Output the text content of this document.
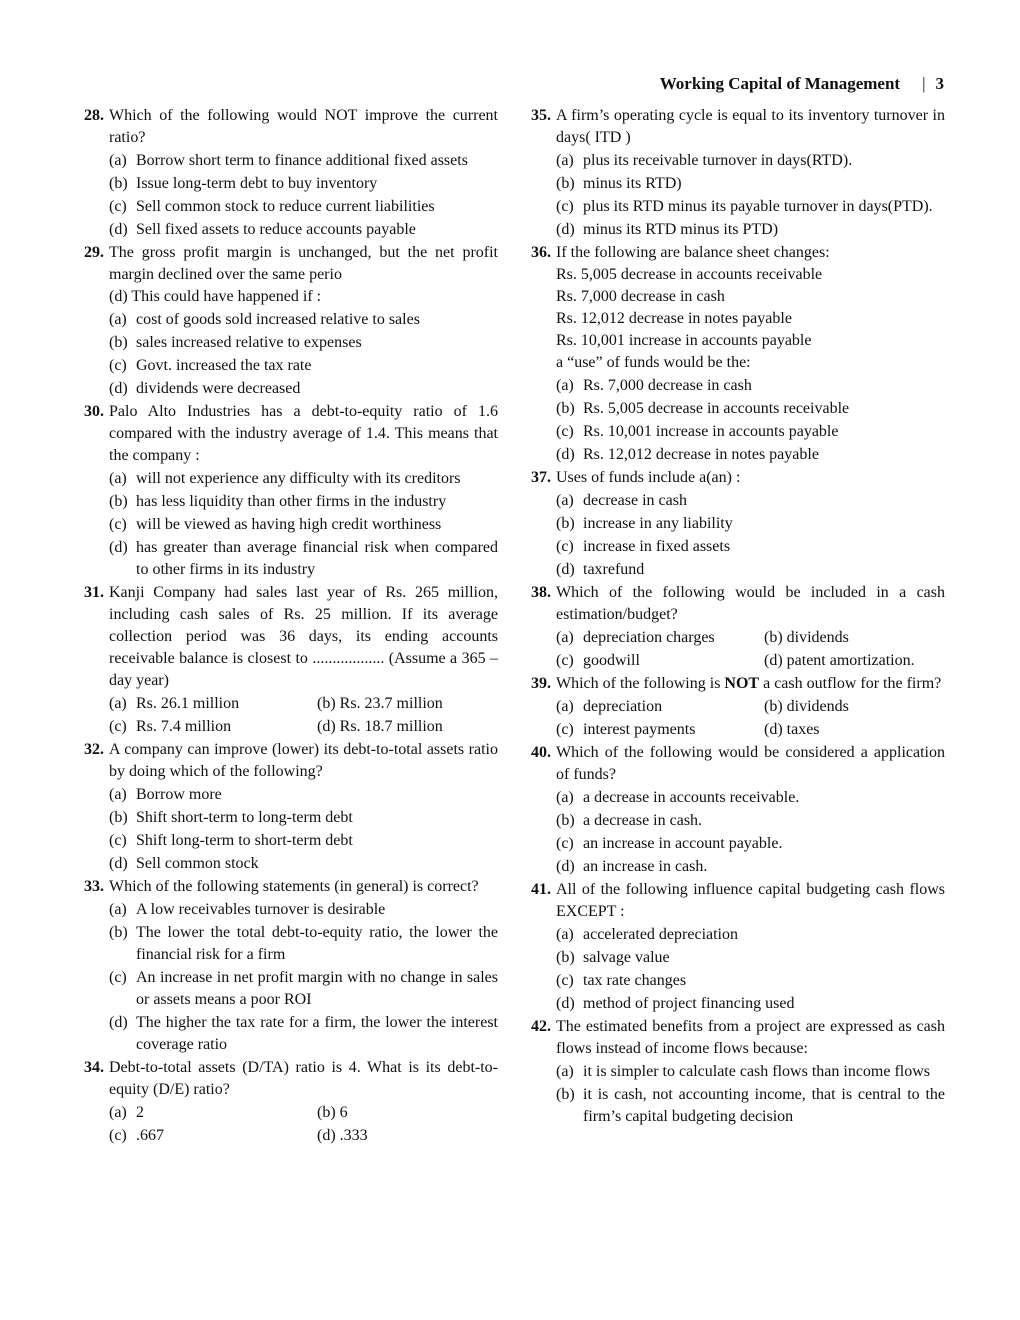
Working Capital of Management | 3
28. Which of the following would NOT improve the current ratio?
(a) Borrow short term to finance additional fixed assets
(b) Issue long-term debt to buy inventory
(c) Sell common stock to reduce current liabilities
(d) Sell fixed assets to reduce accounts payable
29. The gross profit margin is unchanged, but the net profit margin declined over the same perio
(d) This could have happened if :
(a) cost of goods sold increased relative to sales
(b) sales increased relative to expenses
(c) Govt. increased the tax rate
(d) dividends were decreased
30. Palo Alto Industries has a debt-to-equity ratio of 1.6 compared with the industry average of 1.4. This means that the company :
(a) will not experience any difficulty with its creditors
(b) has less liquidity than other firms in the industry
(c) will be viewed as having high credit worthiness
(d) has greater than average financial risk when compared to other firms in its industry
31. Kanji Company had sales last year of Rs. 265 million, including cash sales of Rs. 25 million. If its average collection period was 36 days, its ending accounts receivable balance is closest to .................. (Assume a 365 – day year)
(a) Rs. 26.1 million	(b) Rs. 23.7 million
(c) Rs. 7.4 million	(d) Rs. 18.7 million
32. A company can improve (lower) its debt-to-total assets ratio by doing which of the following?
(a) Borrow more
(b) Shift short-term to long-term debt
(c) Shift long-term to short-term debt
(d) Sell common stock
33. Which of the following statements (in general) is correct?
(a) A low receivables turnover is desirable
(b) The lower the total debt-to-equity ratio, the lower the financial risk for a firm
(c) An increase in net profit margin with no change in sales or assets means a poor ROI
(d) The higher the tax rate for a firm, the lower the interest coverage ratio
34. Debt-to-total assets (D/TA) ratio is 4. What is its debt-to-equity (D/E) ratio?
(a) 2	(b) 6
(c) .667	(d) .333
35. A firm’s operating cycle is equal to its inventory turnover in days( ITD )
(a) plus its receivable turnover in days(RTD).
(b) minus its RTD)
(c) plus its RTD minus its payable turnover in days(PTD).
(d) minus its RTD minus its PTD)
36. If the following are balance sheet changes:
Rs. 5,005 decrease in accounts receivable
Rs. 7,000 decrease in cash
Rs. 12,012 decrease in notes payable
Rs. 10,001 increase in accounts payable
a “use” of funds would be the:
(a) Rs. 7,000 decrease in cash
(b) Rs. 5,005 decrease in accounts receivable
(c) Rs. 10,001 increase in accounts payable
(d) Rs. 12,012 decrease in notes payable
37. Uses of funds include a(an) :
(a) decrease in cash
(b) increase in any liability
(c) increase in fixed assets
(d) taxrefund
38. Which of the following would be included in a cash estimation/budget?
(a) depreciation charges	(b) dividends
(c) goodwill	(d) patent amortization.
39. Which of the following is NOT a cash outflow for the firm?
(a) depreciation	(b) dividends
(c) interest payments	(d) taxes
40. Which of the following would be considered a application of funds?
(a) a decrease in accounts receivable.
(b) a decrease in cash.
(c) an increase in account payable.
(d) an increase in cash.
41. All of the following influence capital budgeting cash flows EXCEPT :
(a) accelerated depreciation
(b) salvage value
(c) tax rate changes
(d) method of project financing used
42. The estimated benefits from a project are expressed as cash flows instead of income flows because:
(a) it is simpler to calculate cash flows than income flows
(b) it is cash, not accounting income, that is central to the firm’s capital budgeting decision
